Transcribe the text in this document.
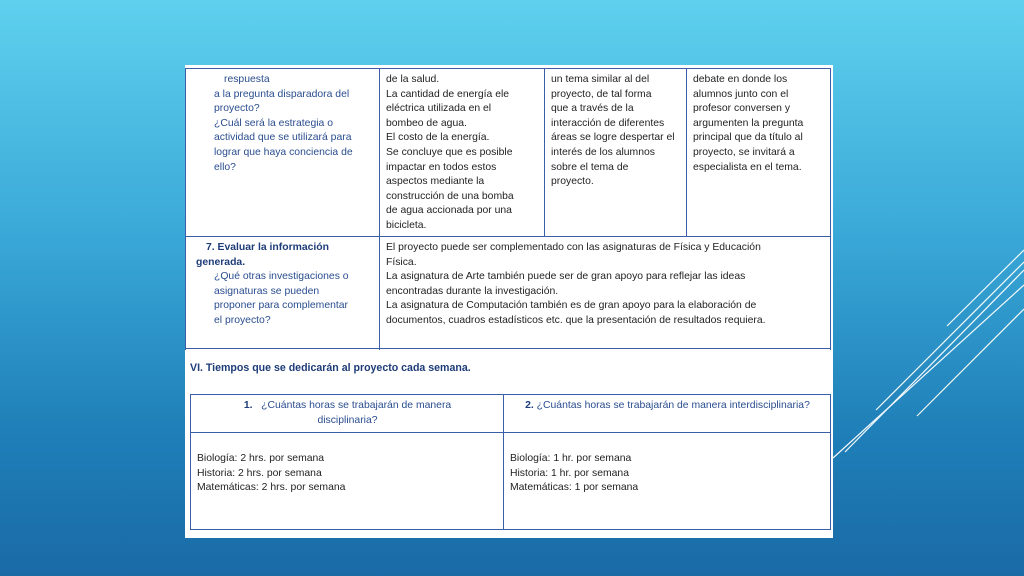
respuesta
a la pregunta disparadora del
proyecto?
¿Cuál será la estrategia o
actividad que se utilizará para
lograr que haya conciencia de
ello?
de la salud.
La cantidad de energía ele
eléctrica utilizada en el
bombeo de agua.
El costo de la energía.
Se concluye que es posible
impactar en todos estos
aspectos mediante la
construcción de una bomba
de agua accionada por una
bicicleta.
un tema similar al del
proyecto, de tal forma
que a través de la
interacción de diferentes
áreas se logre despertar el
interés de los alumnos
sobre el tema de
proyecto.
debate en donde los
alumnos junto con el
profesor conversen y
argumenten la pregunta
principal que da título al
proyecto, se invitará a
especialista en el tema.
7. Evaluar la información
generada.
¿Qué otras investigaciones o
asignaturas se pueden
proponer para complementar
el proyecto?
El proyecto puede ser complementado con las asignaturas de Física y Educación
Física.
La asignatura de Arte también puede ser de gran apoyo para reflejar las ideas
encontradas durante la investigación.
La asignatura de Computación también es de gran apoyo para la elaboración de
documentos, cuadros estadísticos etc. que la presentación de resultados requiera.
VI. Tiempos que se dedicarán al proyecto cada semana.
1. ¿Cuántas horas se trabajarán de manera
disciplinaria?
2. ¿Cuántas horas se trabajarán de manera interdisciplinaria?
Biología: 2 hrs. por semana
Historia: 2 hrs. por semana
Matemáticas: 2 hrs. por semana
Biología: 1 hr. por semana
Historia: 1 hr. por semana
Matemáticas: 1 por semana
